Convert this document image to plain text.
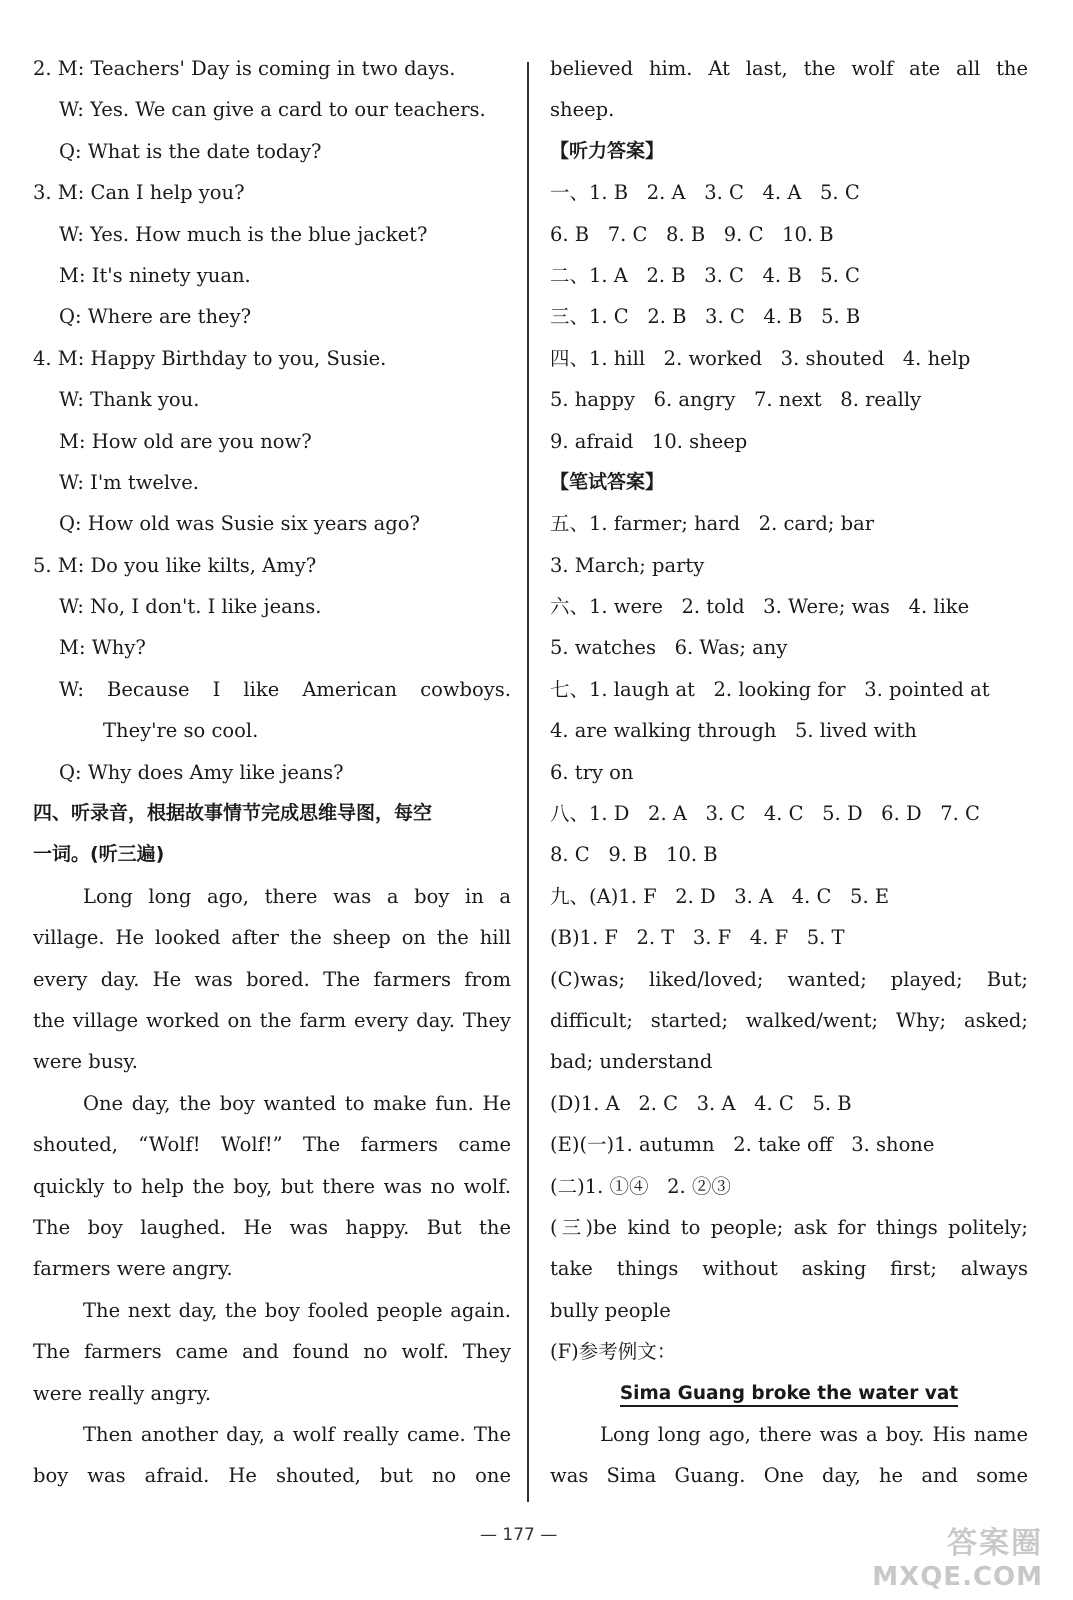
2. M: Teachers' Day is coming in two days.
W: Yes. We can give a card to our teachers.
Q: What is the date today?
3. M: Can I help you?
W: Yes. How much is the blue jacket?
M: It's ninety yuan.
Q: Where are they?
4. M: Happy Birthday to you, Susie.
W: Thank you.
M: How old are you now?
W: I'm twelve.
Q: How old was Susie six years ago?
5. M: Do you like kilts, Amy?
W: No, I don't. I like jeans.
M: Why?
W: Because I like American cowboys.
They're so cool.
Q: Why does Amy like jeans?
四、听录音，根据故事情节完成思维导图，每空
一词。(听三遍)
Long long ago, there was a boy in a
village. He looked after the sheep on the hill
every day. He was bored. The farmers from
the village worked on the farm every day. They
were busy.
One day, the boy wanted to make fun. He
shouted, “Wolf! Wolf!” The farmers came
quickly to help the boy, but there was no wolf.
The boy laughed. He was happy. But the
farmers were angry.
The next day, the boy fooled people again.
The farmers came and found no wolf. They
were really angry.
Then another day, a wolf really came. The
boy was afraid. He shouted, but no one
believed him. At last, the wolf ate all the
sheep.
【听力答案】
一、1. B   2. A   3. C   4. A   5. C
6. B   7. C   8. B   9. C   10. B
二、1. A   2. B   3. C   4. B   5. C
三、1. C   2. B   3. C   4. B   5. B
四、1. hill   2. worked   3. shouted   4. help
5. happy   6. angry   7. next   8. really
9. afraid   10. sheep
【笔试答案】
五、1. farmer; hard   2. card; bar
3. March; party
六、1. were   2. told   3. Were; was   4. like
5. watches   6. Was; any
七、1. laugh at   2. looking for   3. pointed at
4. are walking through   5. lived with
6. try on
八、1. D   2. A   3. C   4. C   5. D   6. D   7. C
8. C   9. B   10. B
九、(A)1. F   2. D   3. A   4. C   5. E
(B)1. F   2. T   3. F   4. F   5. T
(C)was; liked/loved; wanted; played; But;
difficult; started; walked/went; Why; asked;
bad; understand
(D)1. A   2. C   3. A   4. C   5. B
(E)(一)1. autumn   2. take off   3. shone
(二)1. ①④   2. ②③
(三)be kind to people; ask for things politely;
take things without asking first; always
bully people
(F)参考例文：
Sima Guang broke the water vat
Long long ago, there was a boy. His name
was Sima Guang. One day, he and some
— 177 —	答案圈
MXQE.COM
